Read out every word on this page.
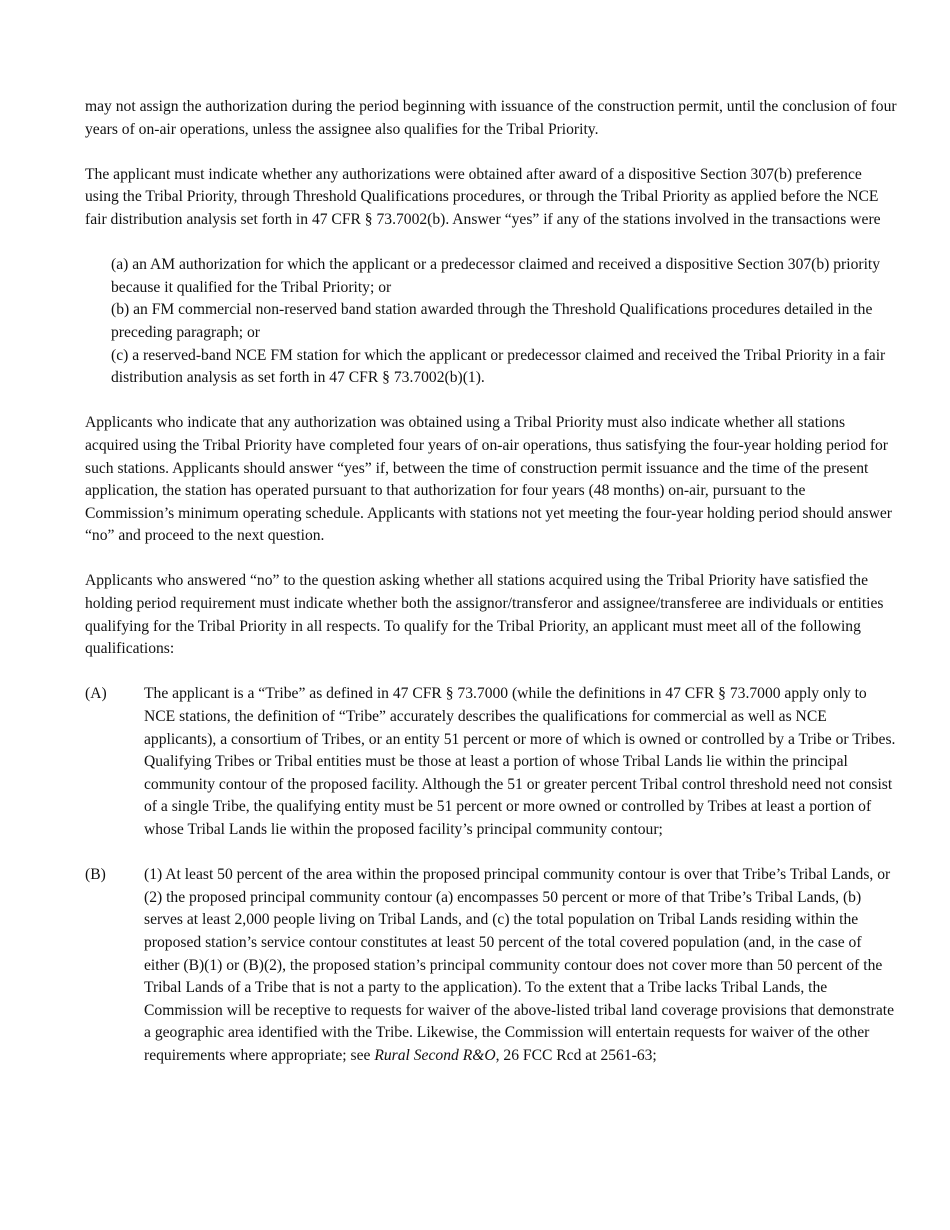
may not assign the authorization during the period beginning with issuance of the construction permit, until the conclusion of four years of on-air operations, unless the assignee also qualifies for the Tribal Priority.

The applicant must indicate whether any authorizations were obtained after award of a dispositive Section 307(b) preference using the Tribal Priority, through Threshold Qualifications procedures, or through the Tribal Priority as applied before the NCE fair distribution analysis set forth in 47 CFR § 73.7002(b). Answer “yes” if any of the stations involved in the transactions were

(a) an AM authorization for which the applicant or a predecessor claimed and received a dispositive Section 307(b) priority because it qualified for the Tribal Priority; or

(b) an FM commercial non-reserved band station awarded through the Threshold Qualifications procedures detailed in the preceding paragraph; or

(c) a reserved-band NCE FM station for which the applicant or predecessor claimed and received the Tribal Priority in a fair distribution analysis as set forth in 47 CFR § 73.7002(b)(1).

Applicants who indicate that any authorization was obtained using a Tribal Priority must also indicate whether all stations acquired using the Tribal Priority have completed four years of on-air operations, thus satisfying the four-year holding period for such stations. Applicants should answer “yes” if, between the time of construction permit issuance and the time of the present application, the station has operated pursuant to that authorization for four years (48 months) on-air, pursuant to the Commission’s minimum operating schedule. Applicants with stations not yet meeting the four-year holding period should answer “no” and proceed to the next question.

Applicants who answered “no” to the question asking whether all stations acquired using the Tribal Priority have satisfied the holding period requirement must indicate whether both the assignor/transferor and assignee/transferee are individuals or entities qualifying for the Tribal Priority in all respects. To qualify for the Tribal Priority, an applicant must meet all of the following qualifications:

(A)	The applicant is a “Tribe” as defined in 47 CFR § 73.7000 (while the definitions in 47 CFR § 73.7000 apply only to NCE stations, the definition of “Tribe” accurately describes the qualifications for commercial as well as NCE applicants), a consortium of Tribes, or an entity 51 percent or more of which is owned or controlled by a Tribe or Tribes. Qualifying Tribes or Tribal entities must be those at least a portion of whose Tribal Lands lie within the principal community contour of the proposed facility. Although the 51 or greater percent Tribal control threshold need not consist of a single Tribe, the qualifying entity must be 51 percent or more owned or controlled by Tribes at least a portion of whose Tribal Lands lie within the proposed facility’s principal community contour;
(B)	(1) At least 50 percent of the area within the proposed principal community contour is over that Tribe’s Tribal Lands, or (2) the proposed principal community contour (a) encompasses 50 percent or more of that Tribe’s Tribal Lands, (b) serves at least 2,000 people living on Tribal Lands, and (c) the total population on Tribal Lands residing within the proposed station’s service contour constitutes at least 50 percent of the total covered population (and, in the case of either (B)(1) or (B)(2), the proposed station’s principal community contour does not cover more than 50 percent of the Tribal Lands of a Tribe that is not a party to the application). To the extent that a Tribe lacks Tribal Lands, the Commission will be receptive to requests for waiver of the above-listed tribal land coverage provisions that demonstrate a geographic area identified with the Tribe. Likewise, the Commission will entertain requests for waiver of the other requirements where appropriate; see Rural Second R&O, 26 FCC Rcd at 2561-63;
